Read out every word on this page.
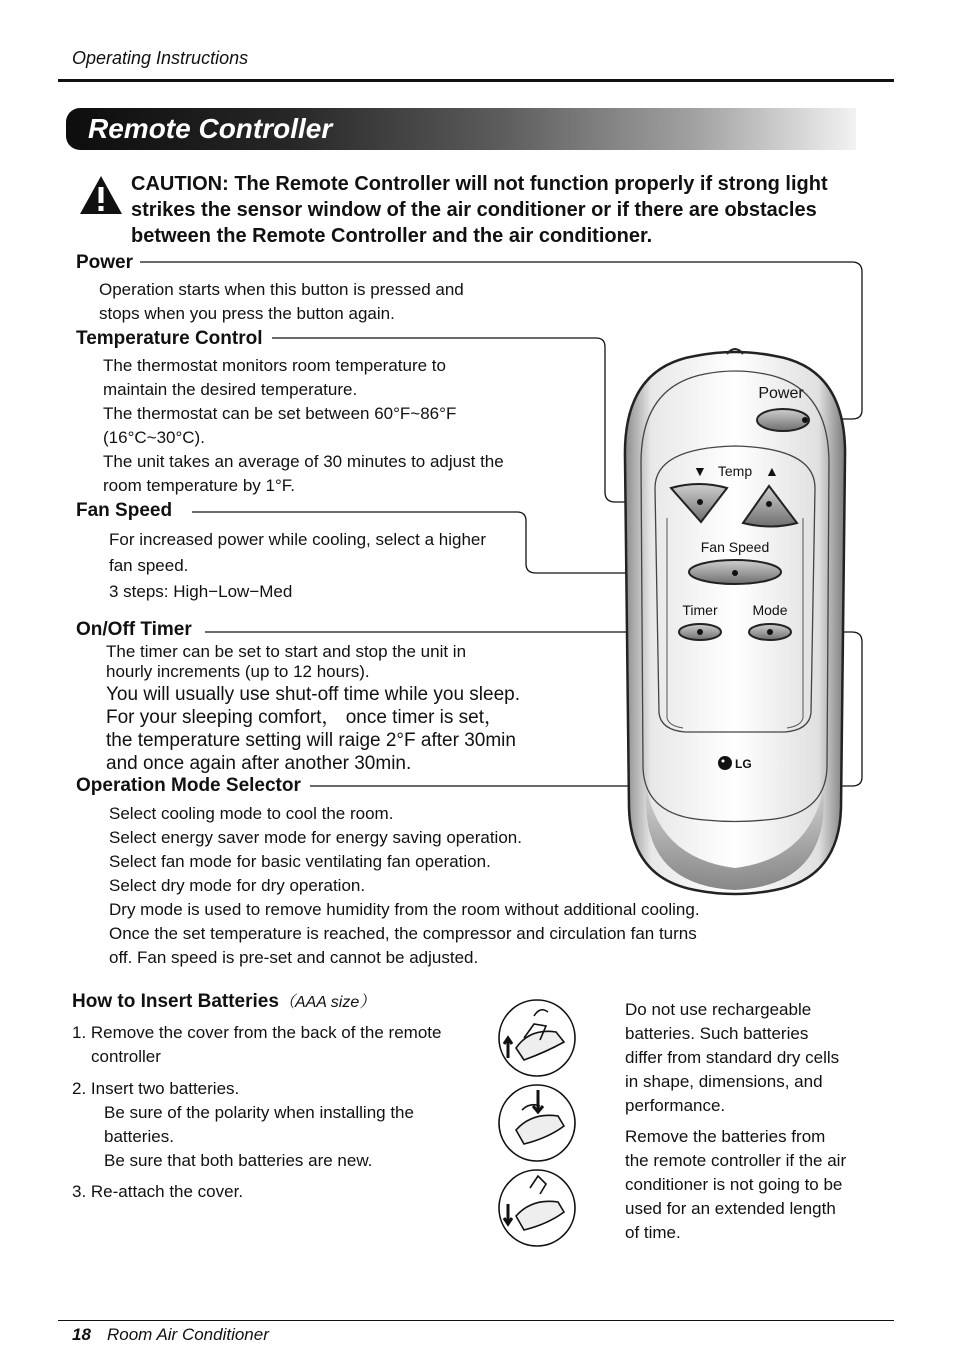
Operating Instructions
Remote Controller
CAUTION: The Remote Controller will not function properly if strong light strikes the sensor window of the air conditioner or if there are obstacles between the Remote Controller and the air conditioner.
Power
▼ Temp ▲
Fan Speed
Timer Mode
LG
Power
Operation starts when this button is pressed and
stops when you press the button again.
Temperature Control
The thermostat monitors room temperature to
maintain the desired temperature.
The thermostat can be set between 60°F~86°F
(16°C~30°C).
The unit takes an average of 30 minutes to adjust the
room temperature by 1°F.
Fan Speed
For increased power while cooling, select a higher
fan speed.
3 steps: High−Low−Med
On/Off Timer
The timer can be set to start and stop the unit in
hourly increments (up to 12 hours).
You will usually use shut-off time while you sleep.
For your sleeping comfort， once timer is set，
the temperature setting will raige 2°F after 30min
and once again after another 30min.
Operation Mode Selector
Select cooling mode to cool the room.
Select energy saver mode for energy saving operation.
Select fan mode for basic ventilating fan operation.
Select dry mode for dry operation.
Dry mode is used to remove humidity from the room without additional cooling.
Once the set temperature is reached, the compressor and circulation fan turns
off. Fan speed is pre-set and cannot be adjusted.
How to Insert Batteries（AAA size）
1. Remove the cover from the back of the remote
controller
2. Insert two batteries.
Be sure of the polarity when installing the
batteries.
Be sure that both batteries are new.
3. Re-attach the cover.
Do not use rechargeable
batteries. Such batteries
differ from standard dry cells
in shape, dimensions, and
performance.
Remove the batteries from
the remote controller if the air
conditioner is not going to be
used for an extended length
of time.
18 Room Air Conditioner
